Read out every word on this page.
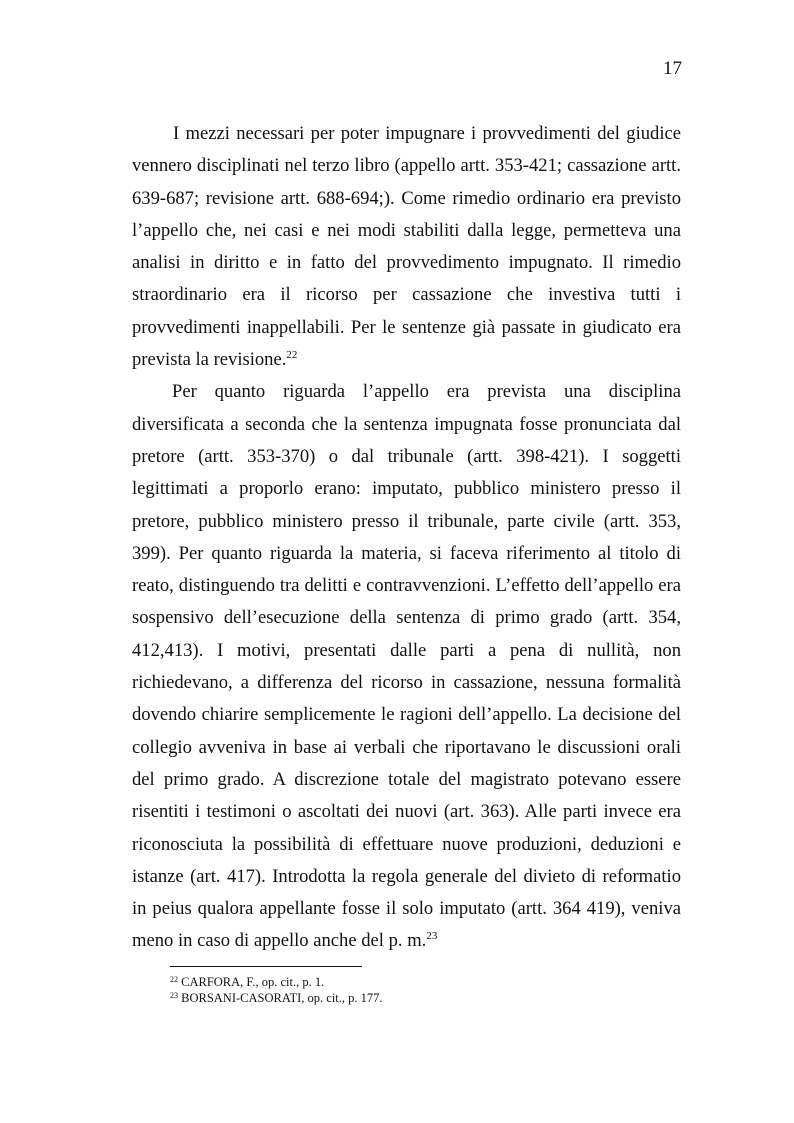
17

I mezzi necessari per poter impugnare i provvedimenti del giudice vennero disciplinati nel terzo libro (appello artt. 353-421; cassazione artt. 639-687; revisione artt. 688-694;). Come rimedio ordinario era previsto l’appello che, nei casi e nei modi stabiliti dalla legge, permetteva una analisi in diritto e in fatto del provvedimento impugnato. Il rimedio straordinario era il ricorso per cassazione che investiva tutti i provvedimenti inappellabili. Per le sentenze già passate in giudicato era prevista la revisione.$^{22}$

Per quanto riguarda l’appello era prevista una disciplina diversificata a seconda che la sentenza impugnata fosse pronunciata dal pretore (artt. 353-370) o dal tribunale (artt. 398-421). I soggetti legittimati a proporlo erano: imputato, pubblico ministero presso il pretore, pubblico ministero presso il tribunale, parte civile (artt. 353, 399). Per quanto riguarda la materia, si faceva riferimento al titolo di reato, distinguendo tra delitti e contravvenzioni. L’effetto dell’appello era sospensivo dell’esecuzione della sentenza di primo grado (artt. 354, 412,413). I motivi, presentati dalle parti a pena di nullità, non richiedevano, a differenza del ricorso in cassazione, nessuna formalità dovendo chiarire semplicemente le ragioni dell’appello. La decisione del collegio avveniva in base ai verbali che riportavano le discussioni orali del primo grado. A discrezione totale del magistrato potevano essere risentiti i testimoni o ascoltati dei nuovi (art. 363). Alle parti invece era riconosciuta la possibilità di effettuare nuove produzioni, deduzioni e istanze (art. 417). Introdotta la regola generale del divieto di reformatio in peius qualora appellante fosse il solo imputato (artt. 364 419), veniva meno in caso di appello anche del p. m.$^{23}$

$^{22}$ CARFORA, F., op. cit., p. 1.
$^{23}$ BORSANI-CASORATI, op. cit., p. 177.
